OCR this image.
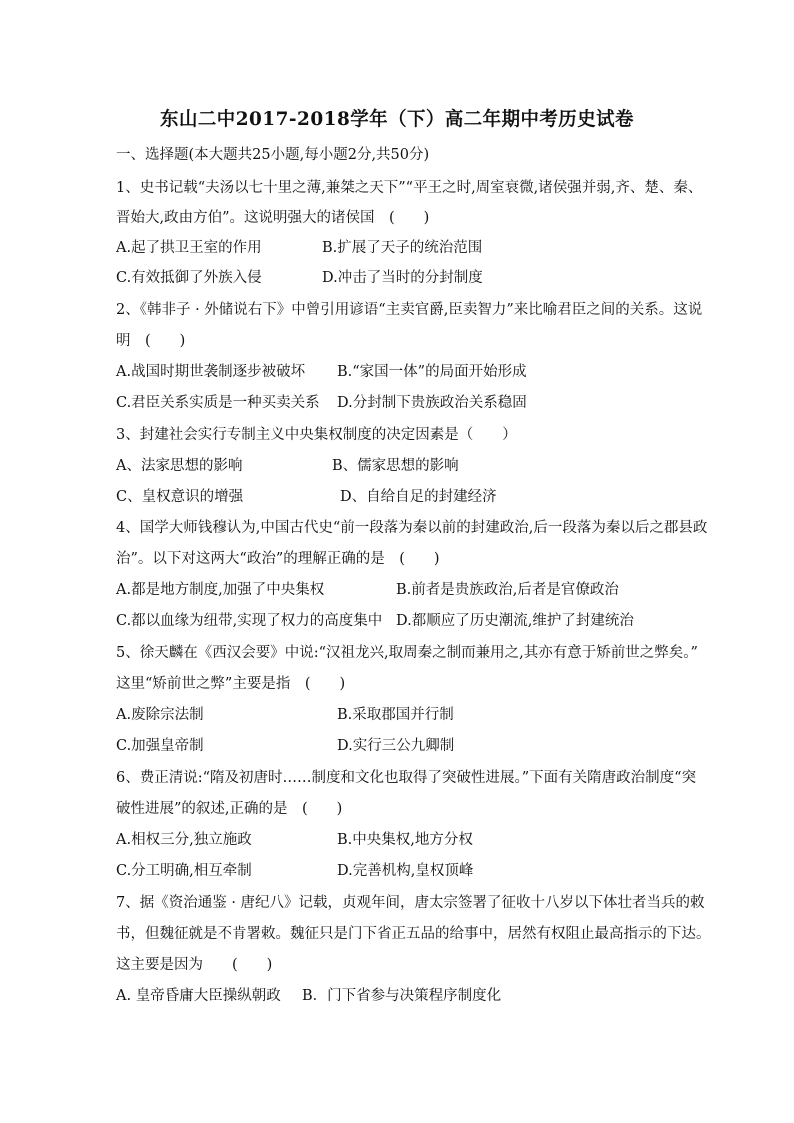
东山二中2017-2018学年（下）高二年期中考历史试卷
一、选择题(本大题共25小题,每小题2分,共50分)
1、史书记载“夫汤以七十里之薄,兼桀之天下”“平王之时,周室衰微,诸侯强并弱,齐、楚、秦、
晋始大,政由方伯”。这说明强大的诸侯国　(　　)
A.起了拱卫王室的作用	B.扩展了天子的统治范围
C.有效抵御了外族入侵	D.冲击了当时的分封制度
2、《韩非子 · 外储说右下》中曾引用谚语“主卖官爵,臣卖智力”来比喻君臣之间的关系。这说
明　(　　)
A.战国时期世袭制逐步被破坏 B.“家国一体”的局面开始形成
C.君臣关系实质是一种买卖关系 D.分封制下贵族政治关系稳固
3、封建社会实行专制主义中央集权制度的决定因素是（　　）
A、法家思想的影响	B、儒家思想的影响
C、皇权意识的增强	D、自给自足的封建经济
4、国学大师钱穆认为,中国古代史“前一段落为秦以前的封建政治,后一段落为秦以后之郡县政
治”。以下对这两大“政治”的理解正确的是　(　　)
A.都是地方制度,加强了中央集权	B.前者是贵族政治,后者是官僚政治
C.都以血缘为纽带,实现了权力的高度集中 D.都顺应了历史潮流,维护了封建统治
5、徐天麟在《西汉会要》中说:“汉祖龙兴,取周秦之制而兼用之,其亦有意于矫前世之弊矣。”
这里“矫前世之弊”主要是指　(　　)
A.废除宗法制	B.采取郡国并行制
C.加强皇帝制	D.实行三公九卿制
6、费正清说:“隋及初唐时……制度和文化也取得了突破性进展。”下面有关隋唐政治制度“突
破性进展”的叙述,正确的是　(　　)
A.相权三分,独立施政	B.中央集权,地方分权
C.分工明确,相互牵制	D.完善机构,皇权顶峰
7、据《资治通鉴 · 唐纪八》记载，贞观年间，唐太宗签署了征收十八岁以下体壮者当兵的敕
书，但魏征就是不肯署敕。魏征只是门下省正五品的给事中，居然有权阻止最高指示的下达。
这主要是因为　　(　　)
A. 皇帝昏庸大臣操纵朝政 B．门下省参与决策程序制度化
